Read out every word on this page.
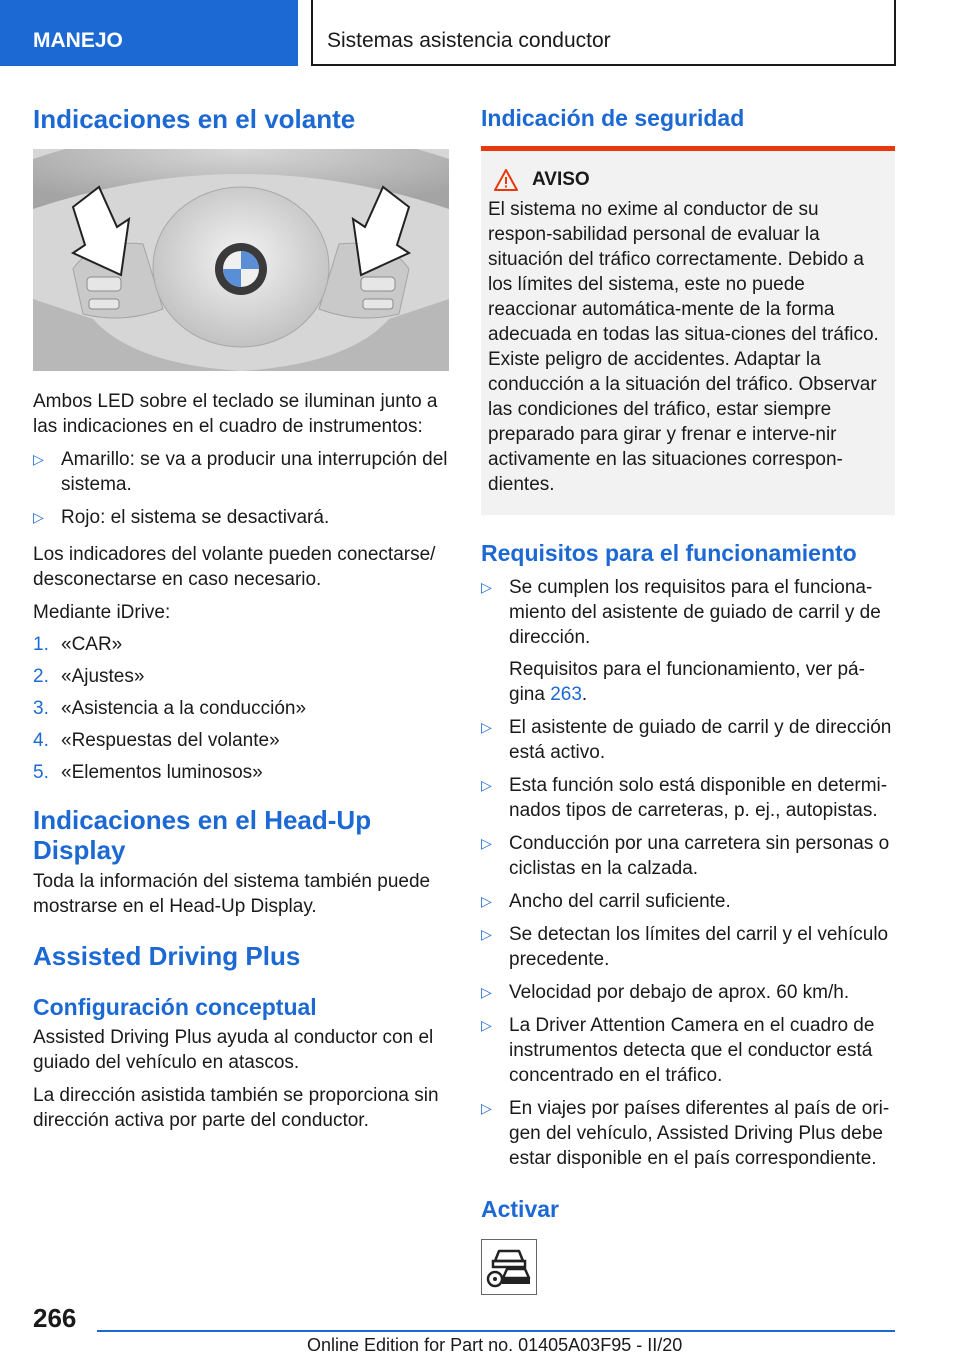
MANEJO	Sistemas asistencia conductor
Indicaciones en el volante

Ambos LED sobre el teclado se iluminan junto a las indicaciones en el cuadro de instrumentos:

▷ Amarillo: se va a producir una interrupción del sistema.
▷ Rojo: el sistema se desactivará.

Los indicadores del volante pueden conectarse/ desconectarse en caso necesario.

Mediante iDrive:

1. «CAR»
2. «Ajustes»
3. «Asistencia a la conducción»
4. «Respuestas del volante»
5. «Elementos luminosos»
Indicaciones en el Head-Up Display

Toda la información del sistema también puede mostrarse en el Head-Up Display.

Assisted Driving Plus
Configuración conceptual

Assisted Driving Plus ayuda al conductor con el guiado del vehículo en atascos.

La dirección asistida también se proporciona sin dirección activa por parte del conductor.

Indicación de seguridad
AVISO

El sistema no exime al conductor de su respon-sabilidad personal de evaluar la situación del tráfico correctamente. Debido a los límites del sistema, este no puede reaccionar automática-mente de la forma adecuada en todas las situa-ciones del tráfico. Existe peligro de accidentes. Adaptar la conducción a la situación del tráfico. Observar las condiciones del tráfico, estar siempre preparado para girar y frenar e interve-nir activamente en las situaciones correspon-dientes.

Requisitos para el funcionamiento
▷ Se cumplen los requisitos para el funciona-miento del asistente de guiado de carril y de dirección.
Requisitos para el funcionamiento, ver pá-gina 263.
▷ El asistente de guiado de carril y de dirección está activo.
▷ Esta función solo está disponible en determi-nados tipos de carreteras, p. ej., autopistas.
▷ Conducción por una carretera sin personas o ciclistas en la calzada.
▷ Ancho del carril suficiente.
▷ Se detectan los límites del carril y el vehículo precedente.
▷ Velocidad por debajo de aprox. 60 km/h.
▷ La Driver Attention Camera en el cuadro de instrumentos detecta que el conductor está concentrado en el tráfico.
▷ En viajes por países diferentes al país de ori-gen del vehículo, Assisted Driving Plus debe estar disponible en el país correspondiente.
Activar
266
Online Edition for Part no. 01405A03F95 - II/20
